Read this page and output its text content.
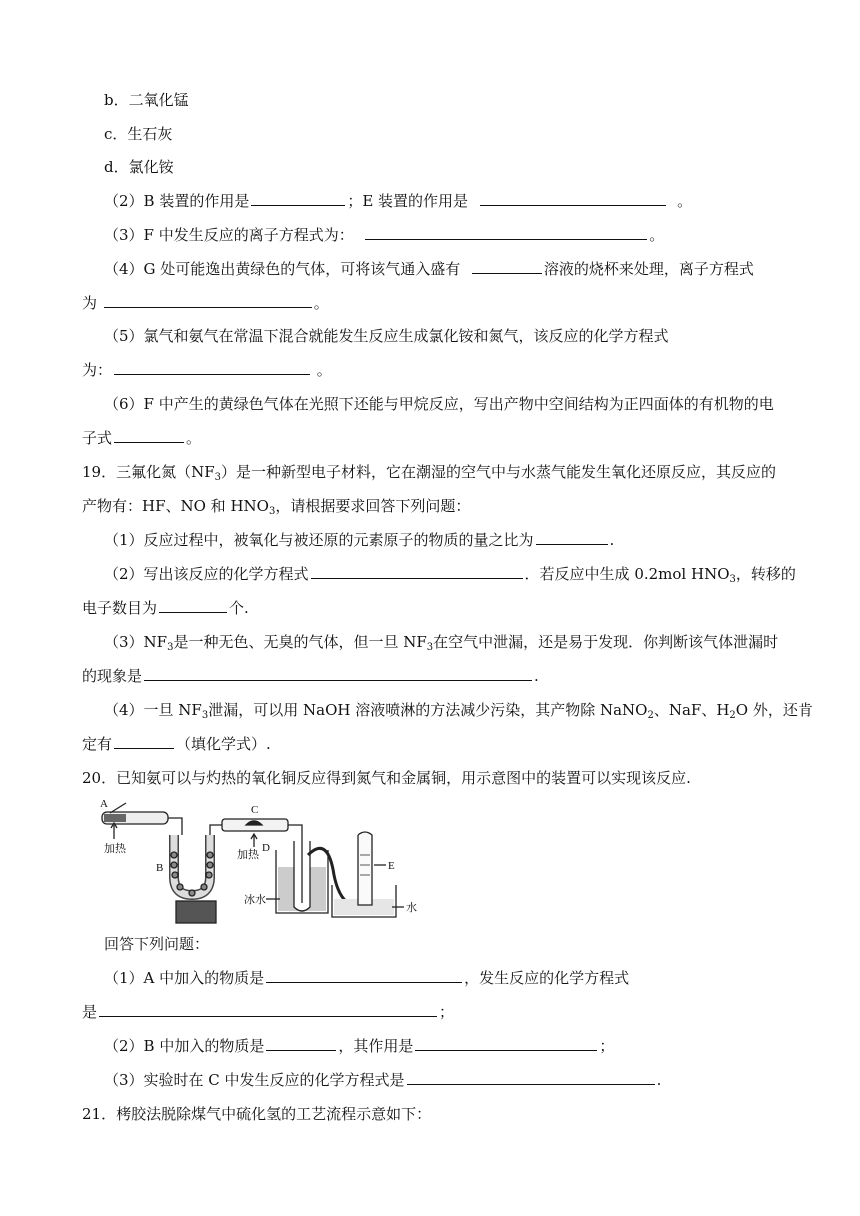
b．二氧化锰
c．生石灰
d．氯化铵
（2）B 装置的作用是	；E 装置的作用是	。
（3）F 中发生反应的离子方程式为：	。
（4）G 处可能逸出黄绿色的气体，可将该气通入盛有	溶液的烧杯来处理，离子方程式
为	。
（5）氯气和氨气在常温下混合就能发生反应生成氯化铵和氮气，该反应的化学方程式
为：	。
（6）F 中产生的黄绿色气体在光照下还能与甲烷反应，写出产物中空间结构为正四面体的有机物的电
子式	。
19．三氟化氮$(NF_3)$是一种新型电子材料，它在潮湿的空气中与水蒸气能发生氧化还原反应，其反应的
产物有：HF、NO 和 $HNO_3$，请根据要求回答下列问题：
（1）反应过程中，被氧化与被还原的元素原子的物质的量之比为	.
（2）写出该反应的化学方程式	．若反应中生成 0.2mol $HNO_3$，转移的
电子数目为	个.
$(3)NF_3$是一种无色、无臭的气体，但一旦 $NF_3$在空气中泄漏，还是易于发现．你判断该气体泄漏时
的现象是	.
（4）一旦 $NF_3$泄漏，可以用 NaOH 溶液喷淋的方法减少污染，其产物除 NaNO$_2$、NaF、$H_2O$ 外，还肯
定有	（填化学式）.
20．已知氨可以与灼热的氧化铜反应得到氮气和金属铜，用示意图中的装置可以实现该反应.
A
加热
B
C
加热
D
冰水
E
水
回答下列问题：
（1）A 中加入的物质是	，发生反应的化学方程式
是	；
（2）B 中加入的物质是	，其作用是	；
（3）实验时在 C 中发生反应的化学方程式是	.
21．栲胶法脱除煤气中硫化氢的工艺流程示意如下：
